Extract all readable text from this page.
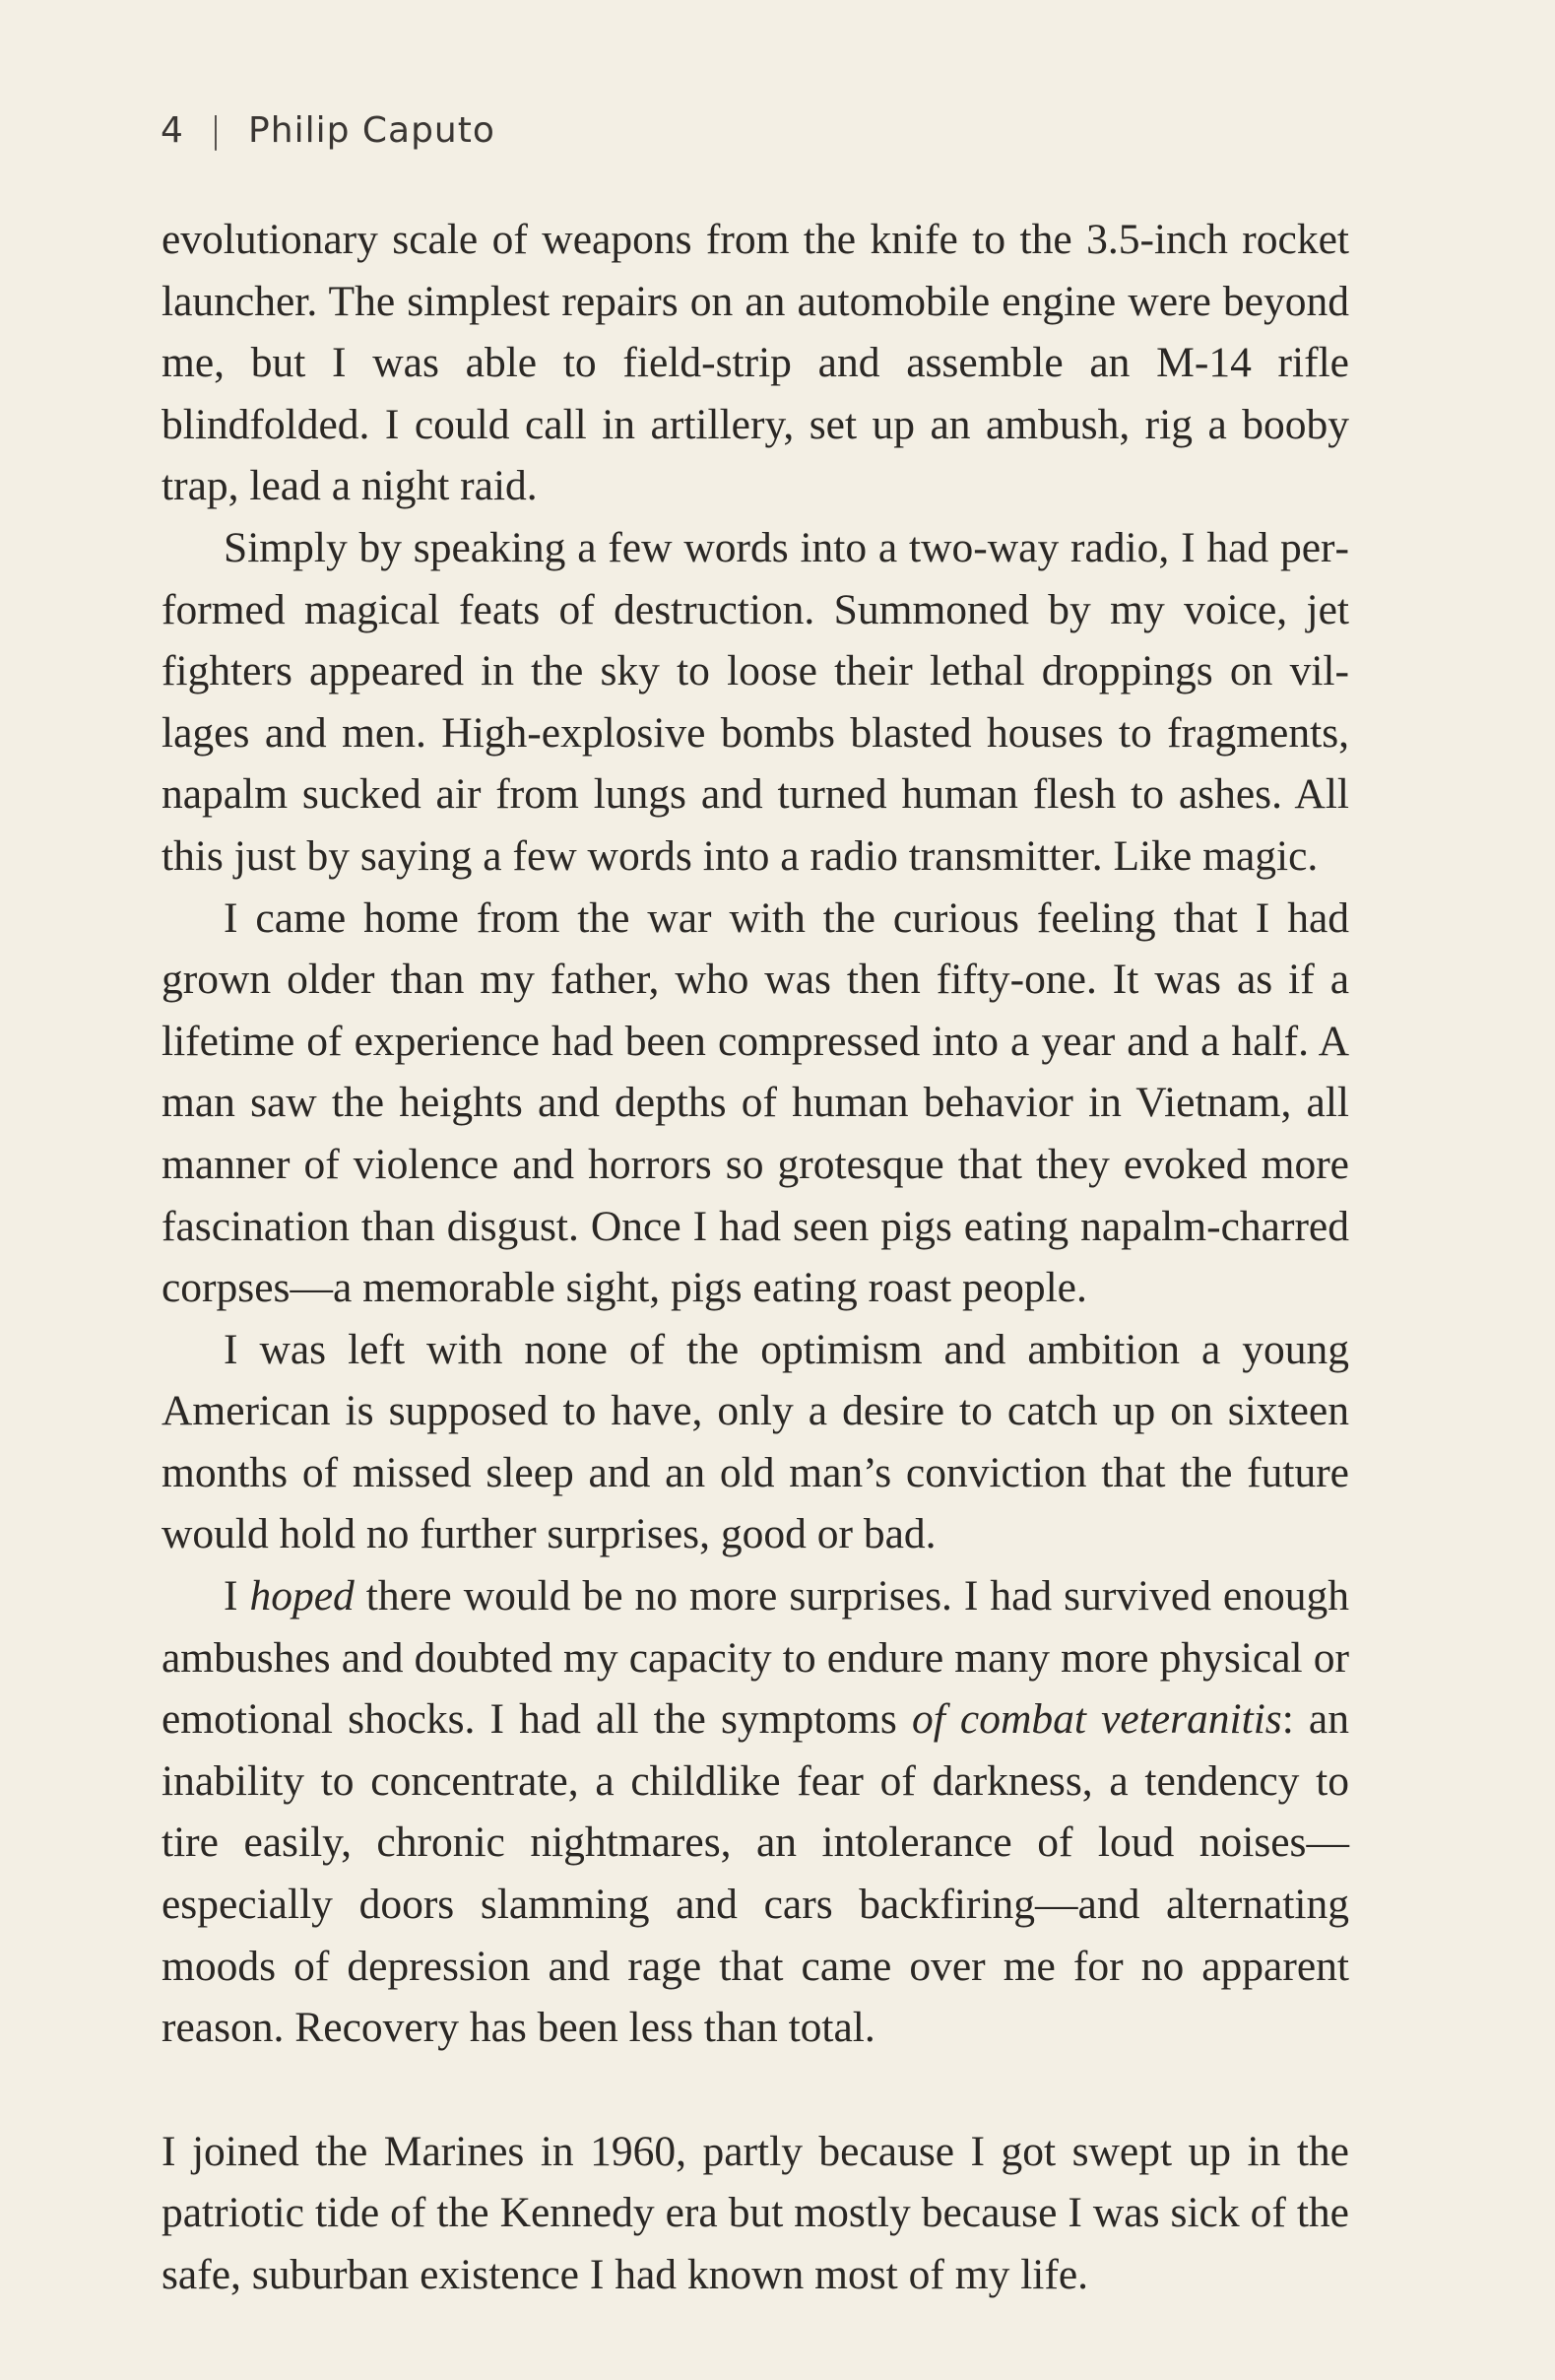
4 | Philip Caputo

evolutionary scale of weapons from the knife to the 3.5-inch rocket launcher. The simplest repairs on an automobile engine were beyond me, but I was able to field-strip and assemble an M-14 rifle blindfolded. I could call in artillery, set up an ambush, rig a booby trap, lead a night raid.

Simply by speaking a few words into a two-way radio, I had performed magical feats of destruction. Summoned by my voice, jet fighters appeared in the sky to loose their lethal droppings on villages and men. High-explosive bombs blasted houses to fragments, napalm sucked air from lungs and turned human flesh to ashes. All this just by saying a few words into a radio transmitter. Like magic.

I came home from the war with the curious feeling that I had grown older than my father, who was then fifty-one. It was as if a lifetime of experience had been compressed into a year and a half. A man saw the heights and depths of human behavior in Vietnam, all manner of violence and horrors so grotesque that they evoked more fascination than disgust. Once I had seen pigs eating napalm-charred corpses—a memorable sight, pigs eating roast people.

I was left with none of the optimism and ambition a young American is supposed to have, only a desire to catch up on sixteen months of missed sleep and an old man’s conviction that the future would hold no further surprises, good or bad.

I hoped there would be no more surprises. I had survived enough ambushes and doubted my capacity to endure many more physical or emotional shocks. I had all the symptoms of combat veteranitis: an inability to concentrate, a childlike fear of darkness, a tendency to tire easily, chronic nightmares, an intolerance of loud noises—especially doors slamming and cars backfiring—and alternating moods of depression and rage that came over me for no apparent reason. Recovery has been less than total.

I joined the Marines in 1960, partly because I got swept up in the patriotic tide of the Kennedy era but mostly because I was sick of the safe, suburban existence I had known most of my life.
